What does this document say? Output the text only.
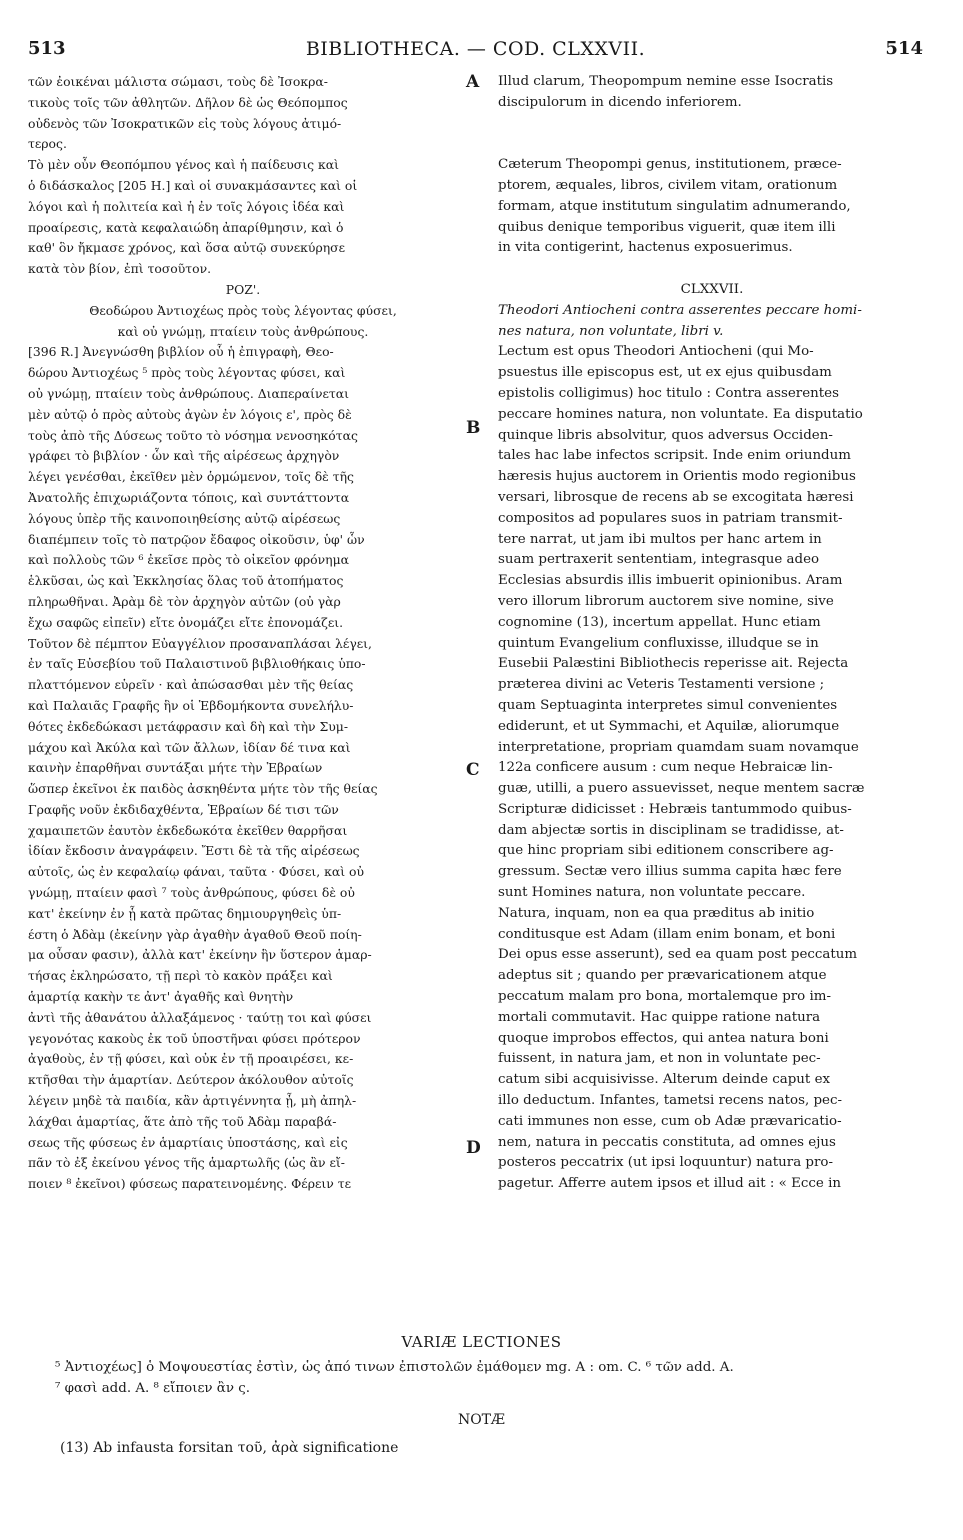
513	BIBLIOTHECA. — COD. CLXXVII.	514
τῶν ἐοικέναι μάλιστα σώμασι, τοὺς δὲ Ἰσοκρα-
τικοὺς τοῖς τῶν ἀθλητῶν. Δῆλον δὲ ὡς Θεόπομπος
οὐδενὸς τῶν Ἰσοκρατικῶν εἰς τοὺς λόγους ἀτιμό-
τερος.
Τὸ μὲν οὖν Θεοπόμπου γένος καὶ ἡ παίδευσις καὶ
ὁ διδάσκαλος [205 H.] καὶ οἱ συνακμάσαντες καὶ οἱ
λόγοι καὶ ἡ πολιτεία καὶ ἡ ἐν τοῖς λόγοις ἰδέα καὶ
προαίρεσις, κατὰ κεφαλαιώδη ἀπαρίθμησιν, καὶ ὁ
καθ' ὃν ἤκμασε χρόνος, καὶ ὅσα αὐτῷ συνεκύρησε
κατὰ τὸν βίον, ἐπὶ τοσοῦτον.
ΡΟΖ'.
Θεοδώρου Ἀντιοχέως πρὸς τοὺς λέγοντας φύσει,
καὶ οὐ γνώμῃ, πταίειν τοὺς ἀνθρώπους.
[396 R.] Ἀνεγνώσθη βιβλίον οὗ ἡ ἐπιγραφὴ, Θεο-
δώρου Ἀντιοχέως ⁵ πρὸς τοὺς λέγοντας φύσει, καὶ
οὐ γνώμῃ, πταίειν τοὺς ἀνθρώπους. Διαπεραίνεται
μὲν αὐτῷ ὁ πρὸς αὐτοὺς ἀγὼν ἐν λόγοις ε', πρὸς δὲ
τοὺς ἀπὸ τῆς Δύσεως τοῦτο τὸ νόσημα νενοσηκότας
γράφει τὸ βιβλίον · ὧν καὶ τῆς αἱρέσεως ἀρχηγὸν
λέγει γενέσθαι, ἐκεῖθεν μὲν ὁρμώμενον, τοῖς δὲ τῆς
Ἀνατολῆς ἐπιχωριάζοντα τόποις, καὶ συντάττοντα
λόγους ὑπὲρ τῆς καινοποιηθείσης αὐτῷ αἱρέσεως
διαπέμπειν τοῖς τὸ πατρῷον ἔδαφος οἰκοῦσιν, ὑφ' ὧν
καὶ πολλοὺς τῶν ⁶ ἐκεῖσε πρὸς τὸ οἰκεῖον φρόνημα
ἑλκῦσαι, ὡς καὶ Ἐκκλησίας ὅλας τοῦ ἀτοπήματος
πληρωθῆναι. Ἀρὰμ δὲ τὸν ἀρχηγὸν αὐτῶν (οὐ γὰρ
ἔχω σαφῶς εἰπεῖν) εἴτε ὀνομάζει εἴτε ἐπονομάζει.
Τοῦτον δὲ πέμπτον Εὐαγγέλιον προσαναπλάσαι λέγει,
ἐν ταῖς Εὐσεβίου τοῦ Παλαιστινοῦ βιβλιοθήκαις ὑπο-
πλαττόμενον εὑρεῖν · καὶ ἀπώσασθαι μὲν τῆς θείας
καὶ Παλαιᾶς Γραφῆς ἣν οἱ Ἑβδομήκοντα συνελήλυ-
θότες ἐκδεδώκασι μετάφρασιν καὶ δὴ καὶ τὴν Συμ-
μάχου καὶ Ἀκύλα καὶ τῶν ἄλλων, ἰδίαν δέ τινα καὶ
καινὴν ἐπαρθῆναι συντάξαι μήτε τὴν Ἑβραίων
ὥσπερ ἐκεῖνοι ἐκ παιδὸς ἀσκηθέντα μήτε τὸν τῆς θείας
Γραφῆς νοῦν ἐκδιδαχθέντα, Ἑβραίων δέ τισι τῶν
χαμαιπετῶν ἑαυτὸν ἐκδεδωκότα ἐκεῖθεν θαρρῆσαι
ἰδίαν ἔκδοσιν ἀναγράφειν. Ἔστι δὲ τὰ τῆς αἱρέσεως
αὐτοῖς, ὡς ἐν κεφαλαίῳ φάναι, ταῦτα · Φύσει, καὶ οὐ
γνώμῃ, πταίειν φασὶ ⁷ τοὺς ἀνθρώπους, φύσει δὲ οὐ
κατ' ἐκείνην ἐν ᾗ κατὰ πρῶτας δημιουργηθεὶς ὑπ-
έστη ὁ Ἀδὰμ (ἐκείνην γὰρ ἀγαθὴν ἀγαθοῦ Θεοῦ ποίη-
μα οὖσαν φασιν), ἀλλὰ κατ' ἐκείνην ἣν ὕστερον ἁμαρ-
τήσας ἐκληρώσατο, τῇ περὶ τὸ κακὸν πράξει καὶ
ἁμαρτίᾳ κακὴν τε ἀντ' ἀγαθῆς καὶ θνητὴν
ἀντὶ τῆς ἀθανάτου ἀλλαξάμενος · ταύτῃ τοι καὶ φύσει
γεγονότας κακοὺς ἐκ τοῦ ὑποστῆναι φύσει πρότερον
ἀγαθοὺς, ἐν τῇ φύσει, καὶ οὐκ ἐν τῇ προαιρέσει, κε-
κτῆσθαι τὴν ἁμαρτίαν. Δεύτερον ἀκόλουθον αὐτοῖς
λέγειν μηδὲ τὰ παιδία, κἂν ἀρτιγέννητα ᾖ, μὴ ἀπηλ-
λάχθαι ἁμαρτίας, ἅτε ἀπὸ τῆς τοῦ Ἀδὰμ παραβά-
σεως τῆς φύσεως ἐν ἁμαρτίαις ὑποστάσης, καὶ εἰς
πᾶν τὸ ἐξ ἐκείνου γένος τῆς ἁμαρτωλῆς (ὡς ἂν εἴ-
ποιεν ⁸ ἐκεῖνοι) φύσεως παρατεινομένης. Φέρειν τε
Illud clarum, Theopompum nemine esse Isocratis
discipulorum in dicendo inferiorem.
Cæterum Theopompi genus, institutionem, præce-
ptorem, æquales, libros, civilem vitam, orationum
formam, atque institutum singulatim adnumerando,
quibus denique temporibus viguerit, quæ item illi
in vita contigerint, hactenus exposuerimus.
CLXXVII.
Theodori Antiocheni contra asserentes peccare homi-
nes natura, non voluntate, libri v.
Lectum est opus Theodori Antiocheni (qui Mo-
psuestus ille episcopus est, ut ex ejus quibusdam
epistolis colligimus) hoc titulo : Contra asserentes
peccare homines natura, non voluntate. Ea disputatio
quinque libris absolvitur, quos adversus Occiden-
tales hac labe infectos scripsit. Inde enim oriundum
hæresis hujus auctorem in Orientis modo regionibus
versari, librosque de recens ab se excogitata hæresi
compositos ad populares suos in patriam transmit-
tere narrat, ut jam ibi multos per hanc artem in
suam pertraxerit sententiam, integrasque adeo
Ecclesias absurdis illis imbuerit opinionibus. Aram
vero illorum librorum auctorem sive nomine, sive
cognomine (13), incertum appellat. Hunc etiam
quintum Evangelium confluxisse, illudque se in
Eusebii Palæstini Bibliothecis reperisse ait. Rejecta
præterea divini ac Veteris Testamenti versione ;
quam Septuaginta interpretes simul convenientes
ediderunt, et ut Symmachi, et Aquilæ, aliorumque
interpretatione, propriam quamdam suam novamque
122a conficere ausum : cum neque Hebraicæ lin-
guæ, utilli, a puero assuevisset, neque mentem sacræ
Scripturæ didicisset : Hebræis tantummodo quibus-
dam abjectæ sortis in disciplinam se tradidisse, at-
que hinc propriam sibi editionem conscribere ag-
gressum. Sectæ vero illius summa capita hæc fere
sunt Homines natura, non voluntate peccare.
Natura, inquam, non ea qua præditus ab initio
conditusque est Adam (illam enim bonam, et boni
Dei opus esse asserunt), sed ea quam post peccatum
adeptus sit ; quando per prævaricationem atque
peccatum malam pro bona, mortalemque pro im-
mortali commutavit. Hac quippe ratione natura
quoque improbos effectos, qui antea natura boni
fuissent, in natura jam, et non in voluntate pec-
catum sibi acquisivisse. Alterum deinde caput ex
illo deductum. Infantes, tametsi recens natos, pec-
cati immunes non esse, cum ob Adæ prævaricatio-
nem, natura in peccatis constituta, ad omnes ejus
posteros peccatrix (ut ipsi loquuntur) natura pro-
pagetur. Afferre autem ipsos et illud ait : « Ecce in
A
B
C
D
VARIÆ LECTIONES
⁵ Ἀντιοχέως] ὁ Μοψουεστίας ἐστὶν, ὡς ἀπό τινων ἐπιστολῶν ἐμάθομεν mg. A : om. C. ⁶ τῶν add. A.
⁷ φασὶ add. A. ⁸ εἴποιεν ἂν ς.
NOTÆ
(13) Ab infausta forsitan τοῦ, ἀρὰ significatione
